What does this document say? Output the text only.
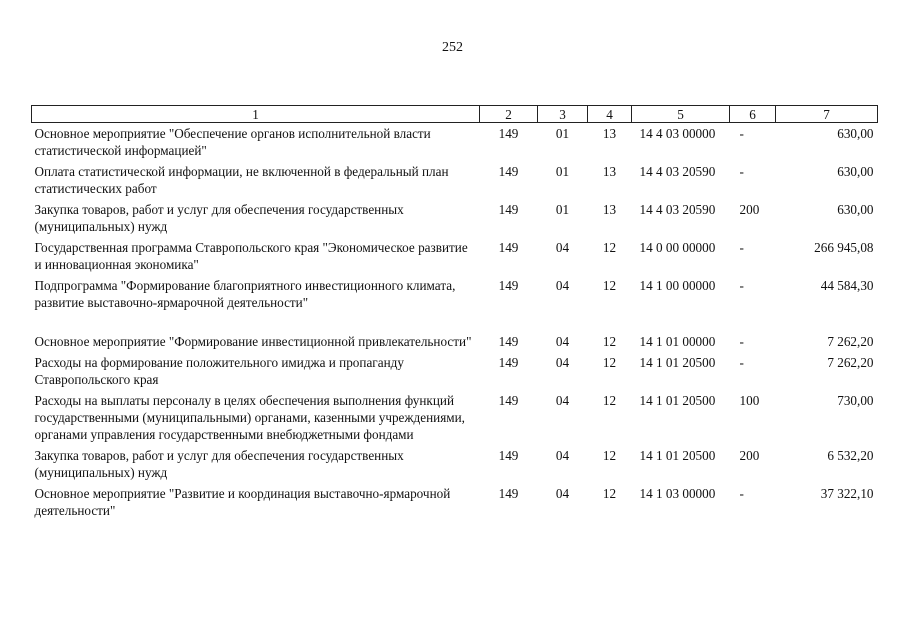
252
1	2	3	4	5	6	7
Основное мероприятие "Обеспечение органов исполнительной власти статистической информацией"	149	01	13	14 4 03 00000	-	630,00
Оплата статистической информации, не включенной в федеральный план статистических работ	149	01	13	14 4 03 20590	-	630,00
Закупка товаров, работ и услуг для обеспечения государственных (муниципальных) нужд	149	01	13	14 4 03 20590	200	630,00
Государственная программа Ставропольского края "Экономическое развитие и инновационная экономика"	149	04	12	14 0 00 00000	-	266 945,08
Подпрограмма "Формирование благоприятного инвестиционного климата, развитие выставочно-ярмарочной деятельности"	149	04	12	14 1 00 00000	-	44 584,30
Основное мероприятие "Формирование инвестиционной привлекательности"	149	04	12	14 1 01 00000	-	7 262,20
Расходы на формирование положительного имиджа и пропаганду Ставропольского края	149	04	12	14 1 01 20500	-	7 262,20
Расходы на выплаты персоналу в целях обеспечения выполнения функций государственными (муниципальными) органами, казенными учреждениями, органами управления государственными внебюджетными фондами	149	04	12	14 1 01 20500	100	730,00
Закупка товаров, работ и услуг для обеспечения государственных (муниципальных) нужд	149	04	12	14 1 01 20500	200	6 532,20
Основное мероприятие "Развитие и координация выставочно-ярмарочной деятельности"	149	04	12	14 1 03 00000	-	37 322,10
